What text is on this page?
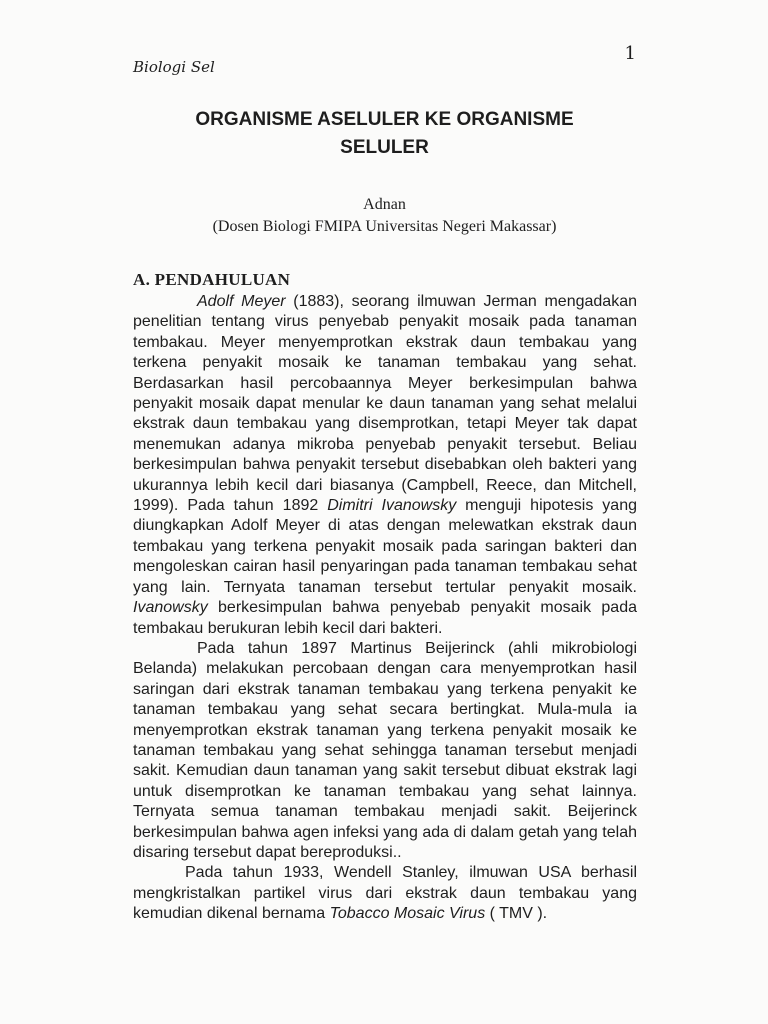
Biologi Sel
1
ORGANISME ASELULER KE ORGANISME
SELULER
Adnan
(Dosen Biologi FMIPA Universitas Negeri Makassar)
A. PENDAHULUAN

Adolf Meyer (1883), seorang ilmuwan Jerman mengadakan penelitian tentang virus penyebab penyakit mosaik pada tanaman tembakau. Meyer menyemprotkan ekstrak daun tembakau yang terkena penyakit mosaik ke tanaman tembakau yang sehat. Berdasarkan hasil percobaannya Meyer berkesimpulan bahwa penyakit mosaik dapat menular ke daun tanaman yang sehat melalui ekstrak daun tembakau yang disemprotkan, tetapi Meyer tak dapat menemukan adanya mikroba penyebab penyakit tersebut. Beliau berkesimpulan bahwa penyakit tersebut disebabkan oleh bakteri yang ukurannya lebih kecil dari biasanya (Campbell, Reece, dan Mitchell, 1999). Pada tahun 1892 Dimitri Ivanowsky menguji hipotesis yang diungkapkan Adolf Meyer di atas dengan melewatkan ekstrak daun tembakau yang terkena penyakit mosaik pada saringan bakteri dan mengoleskan cairan hasil penyaringan pada tanaman tembakau sehat yang lain. Ternyata tanaman tersebut tertular penyakit mosaik. Ivanowsky berkesimpulan bahwa penyebab penyakit mosaik pada tembakau berukuran lebih kecil dari bakteri.

Pada tahun 1897 Martinus Beijerinck (ahli mikrobiologi Belanda) melakukan percobaan dengan cara menyemprotkan hasil saringan dari ekstrak tanaman tembakau yang terkena penyakit ke tanaman tembakau yang sehat secara bertingkat. Mula-mula ia menyemprotkan ekstrak tanaman yang terkena penyakit mosaik ke tanaman tembakau yang sehat sehingga tanaman tersebut menjadi sakit. Kemudian daun tanaman yang sakit tersebut dibuat ekstrak lagi untuk disemprotkan ke tanaman tembakau yang sehat lainnya. Ternyata semua tanaman tembakau menjadi sakit. Beijerinck berkesimpulan bahwa agen infeksi yang ada di dalam getah yang telah disaring tersebut dapat bereproduksi..

Pada tahun 1933, Wendell Stanley, ilmuwan USA berhasil mengkristalkan partikel virus dari ekstrak daun tembakau yang kemudian dikenal bernama Tobacco Mosaic Virus ( TMV ).
